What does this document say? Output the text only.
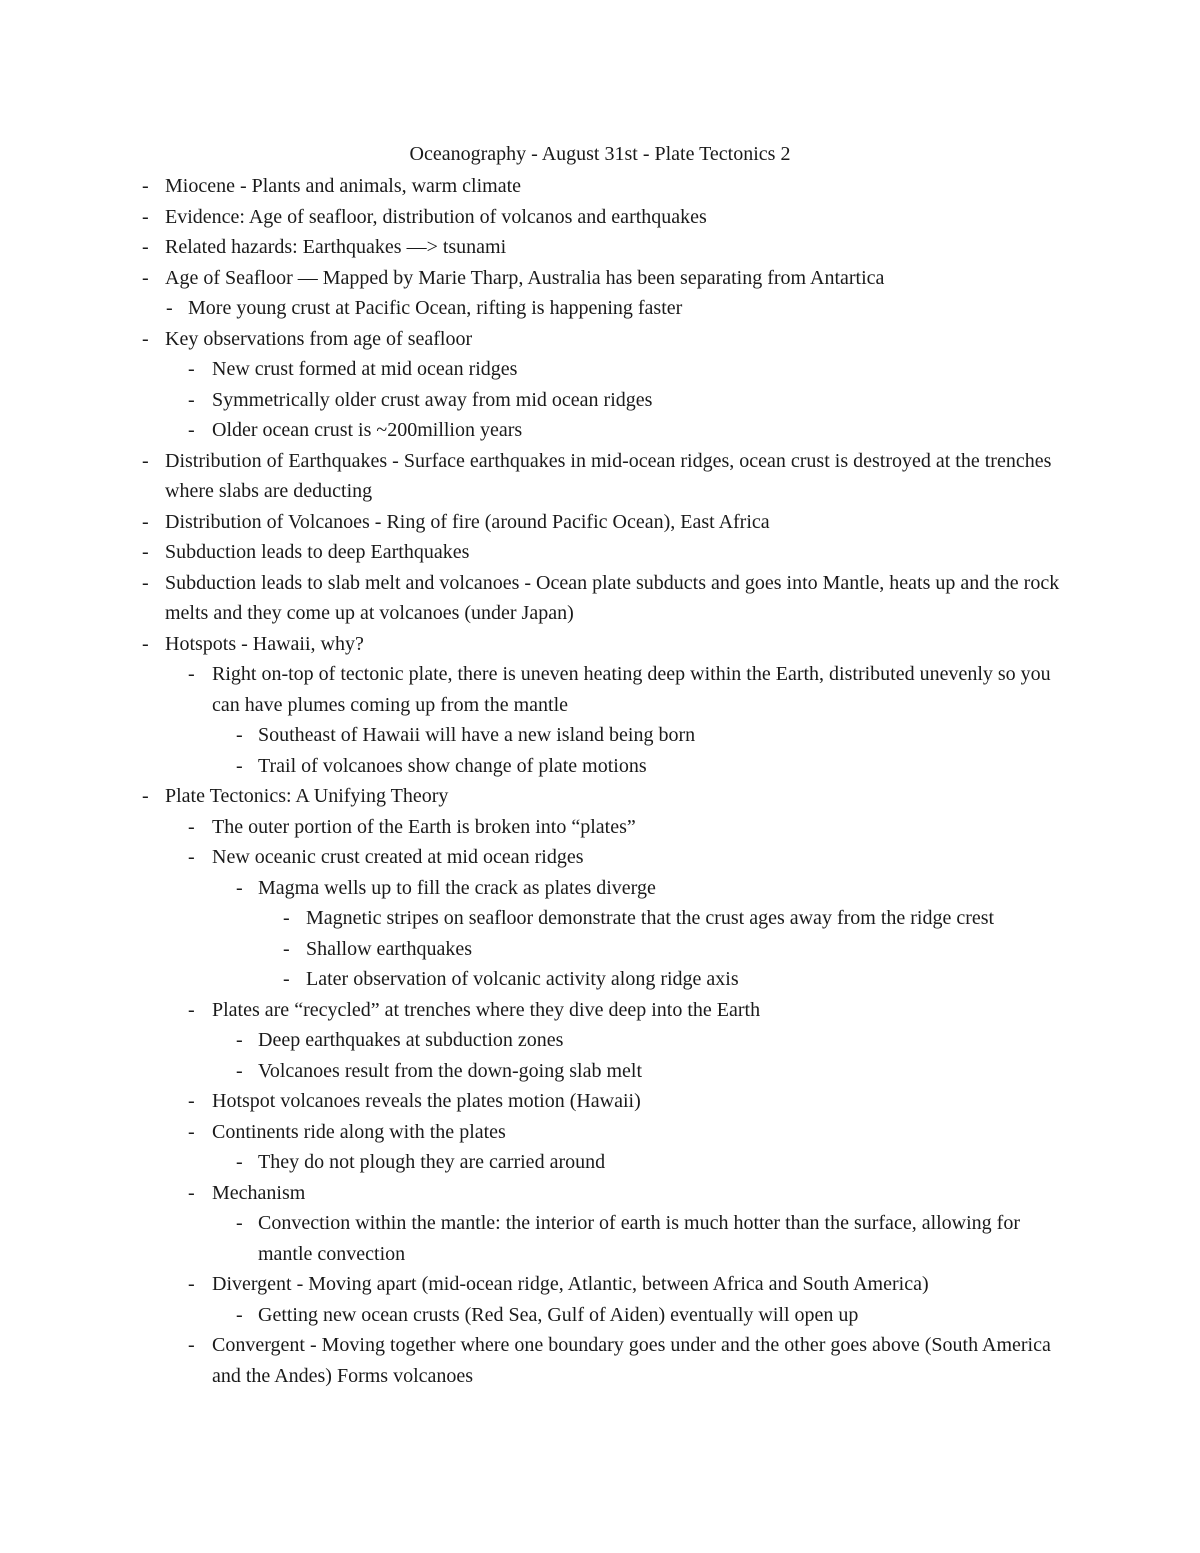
Oceanography - August 31st - Plate Tectonics 2
- Miocene - Plants and animals, warm climate
- Evidence: Age of seafloor, distribution of volcanos and earthquakes
- Related hazards: Earthquakes —> tsunami
- Age of Seafloor — Mapped by Marie Tharp, Australia has been separating from Antartica
- More young crust at Pacific Ocean, rifting is happening faster
- Key observations from age of seafloor
- New crust formed at mid ocean ridges
- Symmetrically older crust away from mid ocean ridges
- Older ocean crust is ~200million years
- Distribution of Earthquakes - Surface earthquakes in mid-ocean ridges, ocean crust is destroyed at the trenches where slabs are deducting
- Distribution of Volcanoes - Ring of fire (around Pacific Ocean), East Africa
- Subduction leads to deep Earthquakes
- Subduction leads to slab melt and volcanoes - Ocean plate subducts and goes into Mantle, heats up and the rock melts and they come up at volcanoes (under Japan)
- Hotspots - Hawaii, why?
- Right on-top of tectonic plate, there is uneven heating deep within the Earth, distributed unevenly so you can have plumes coming up from the mantle
- Southeast of Hawaii will have a new island being born
- Trail of volcanoes show change of plate motions
- Plate Tectonics: A Unifying Theory
- The outer portion of the Earth is broken into “plates”
- New oceanic crust created at mid ocean ridges
- Magma wells up to fill the crack as plates diverge
- Magnetic stripes on seafloor demonstrate that the crust ages away from the ridge crest
- Shallow earthquakes
- Later observation of volcanic activity along ridge axis
- Plates are “recycled” at trenches where they dive deep into the Earth
- Deep earthquakes at subduction zones
- Volcanoes result from the down-going slab melt
- Hotspot volcanoes reveals the plates motion (Hawaii)
- Continents ride along with the plates
- They do not plough they are carried around
- Mechanism
- Convection within the mantle: the interior of earth is much hotter than the surface, allowing for mantle convection
- Divergent - Moving apart (mid-ocean ridge, Atlantic, between Africa and South America)
- Getting new ocean crusts (Red Sea, Gulf of Aiden) eventually will open up
- Convergent - Moving together where one boundary goes under and the other goes above (South America and the Andes) Forms volcanoes
